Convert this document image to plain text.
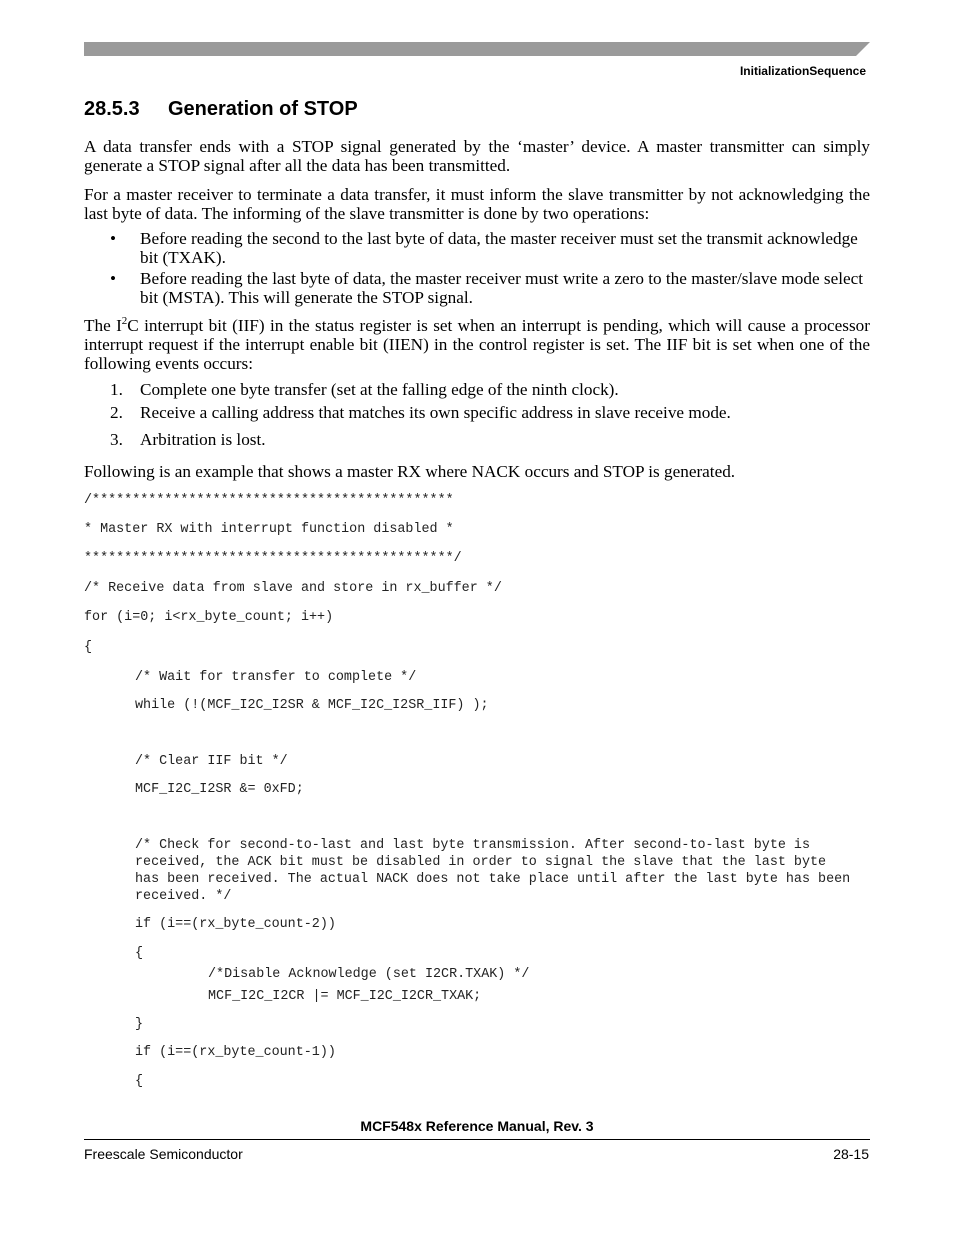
InitializationSequence
28.5.3 Generation of STOP

A data transfer ends with a STOP signal generated by the ‘master’ device. A master transmitter can simply generate a STOP signal after all the data has been transmitted.

For a master receiver to terminate a data transfer, it must inform the slave transmitter by not acknowledging the last byte of data. The informing of the slave transmitter is done by two operations:

• Before reading the second to the last byte of data, the master receiver must set the transmit acknowledge bit (TXAK).
• Before reading the last byte of data, the master receiver must write a zero to the master/slave mode select bit (MSTA). This will generate the STOP signal.

The $I^2C$ interrupt bit (IIF) in the status register is set when an interrupt is pending, which will cause a processor interrupt request if the interrupt enable bit (IIEN) in the control register is set. The IIF bit is set when one of the following events occurs:

1. Complete one byte transfer (set at the falling edge of the ninth clock).
2. Receive a calling address that matches its own specific address in slave receive mode.
3. Arbitration is lost.

Following is an example that shows a master RX where NACK occurs and STOP is generated.

/*********************************************
* Master RX with interrupt function disabled *
**********************************************/
/* Receive data from slave and store in rx_buffer */
for (i=0; i<rx_byte_count; i++)
{
/* Wait for transfer to complete */
while (!(MCF_I2C_I2SR & MCF_I2C_I2SR_IIF) );
/* Clear IIF bit */
MCF_I2C_I2SR &= 0xFD;
/* Check for second-to-last and last byte transmission. After second-to-last byte is
received, the ACK bit must be disabled in order to signal the slave that the last byte
has been received. The actual NACK does not take place until after the last byte has been
received. */
if (i==(rx_byte_count-2))
{
/*Disable Acknowledge (set I2CR.TXAK) */
MCF_I2C_I2CR |= MCF_I2C_I2CR_TXAK;
}
if (i==(rx_byte_count-1))
{
MCF548x Reference Manual, Rev. 3
Freescale Semiconductor	28-15
